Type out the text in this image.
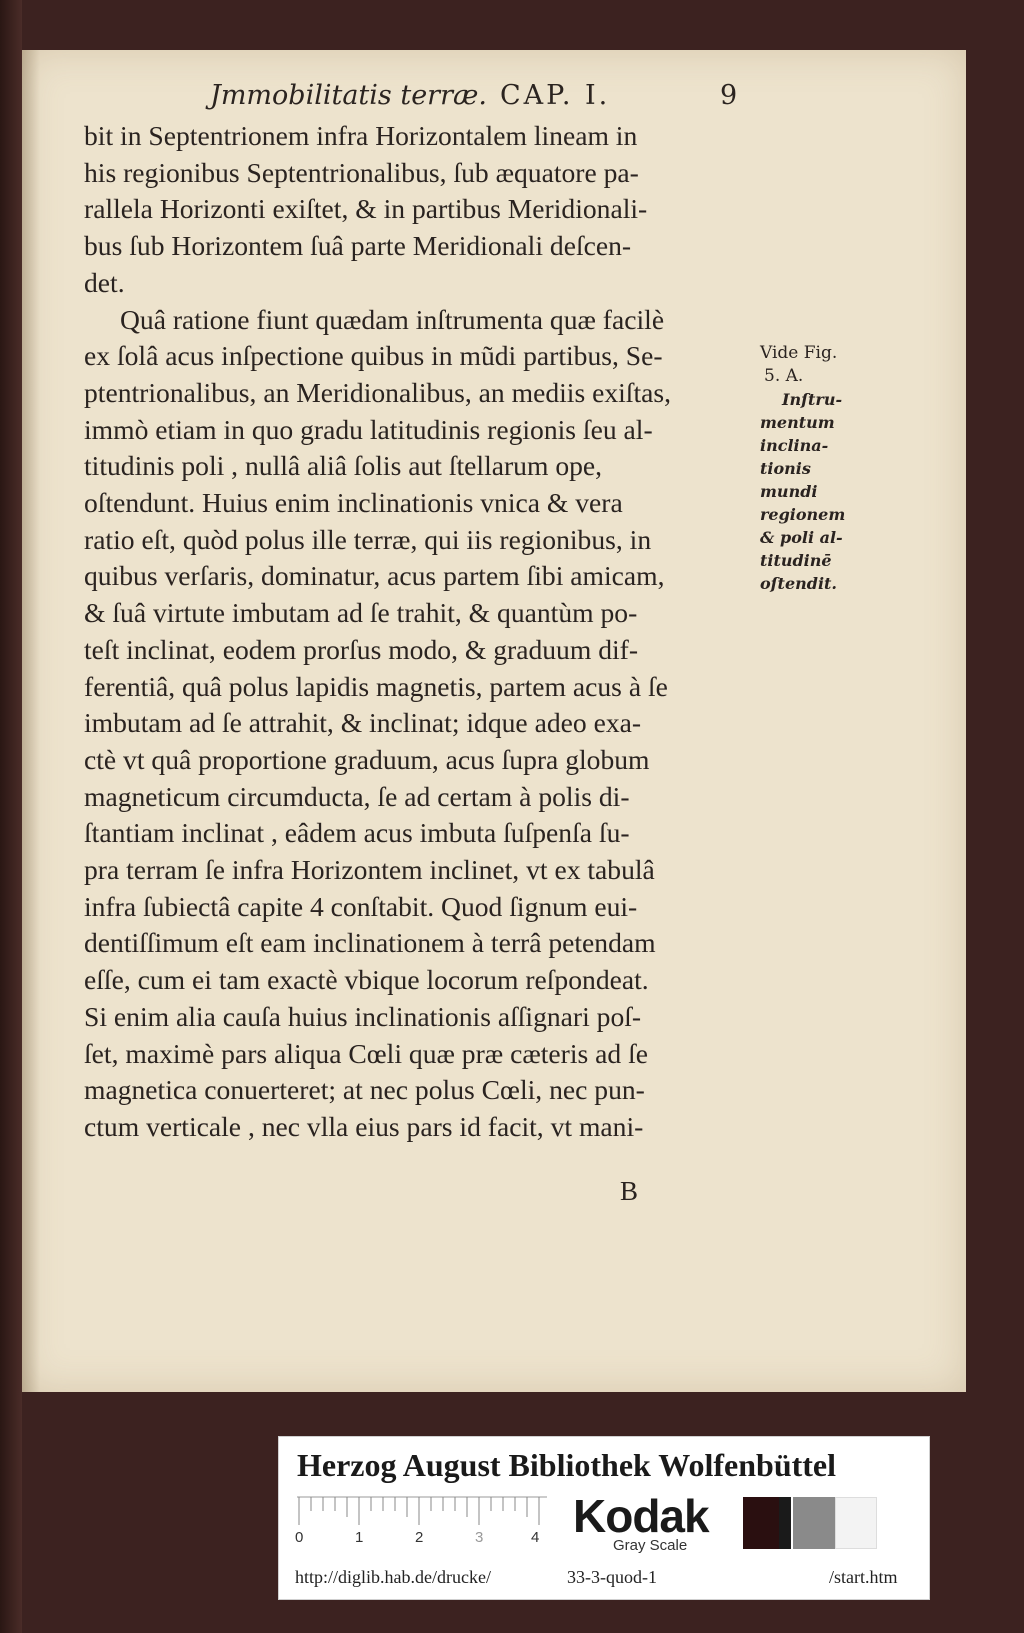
Jmmobilitatis terræ. CAP. I.	9
bit in Septentrionem infra Horizontalem lineam in
his regionibus Septentrionalibus, ſub æquatore pa-
rallela Horizonti exiſtet, & in partibus Meridionali-
bus ſub Horizontem ſuâ parte Meridionali deſcen-
det.
Quâ ratione fiunt quædam inſtrumenta quæ facilè
ex ſolâ acus inſpectione quibus in mũdi partibus, Se-
ptentrionalibus, an Meridionalibus, an mediis exiſtas,
immò etiam in quo gradu latitudinis regionis ſeu al-
titudinis poli , nullâ aliâ ſolis aut ſtellarum ope,
oſtendunt. Huius enim inclinationis vnica & vera
ratio eſt, quòd polus ille terræ, qui iis regionibus, in
quibus verſaris, dominatur, acus partem ſibi amicam,
& ſuâ virtute imbutam ad ſe trahit, & quantùm po-
teſt inclinat, eodem prorſus modo, & graduum dif-
ferentiâ, quâ polus lapidis magnetis, partem acus à ſe
imbutam ad ſe attrahit, & inclinat; idque adeo exa-
ctè vt quâ proportione graduum, acus ſupra globum
magneticum circumducta, ſe ad certam à polis di-
ſtantiam inclinat , eâdem acus imbuta ſuſpenſa ſu-
pra terram ſe infra Horizontem inclinet, vt ex tabulâ
infra ſubiectâ capite 4 conſtabit. Quod ſignum eui-
dentiſſimum eſt eam inclinationem à terrâ petendam
eſſe, cum ei tam exactè vbique locorum reſpondeat.
Si enim alia cauſa huius inclinationis aſſignari poſ-
ſet, maximè pars aliqua Cœli quæ præ cæteris ad ſe
magnetica conuerteret; at nec polus Cœli, nec pun-
ctum verticale , nec vlla eius pars id facit, vt mani-
B
Vide Fig.
5. A.
Inſtru-
mentum
inclina-
tionis
mundi
regionem
& poli al-
titudinē
oſtendit.
Herzog August Bibliothek Wolfenbüttel
0	1	2	3	4 Kodak
Gray Scale
http://diglib.hab.de/drucke/	33-3-quod-1	/start.htm
